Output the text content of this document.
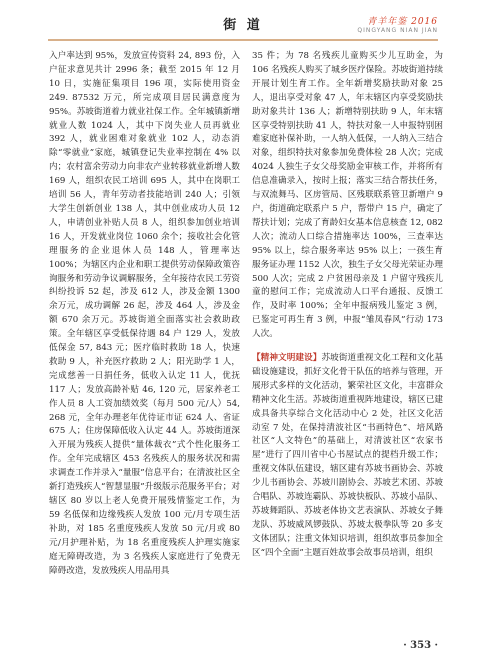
街 道	青羊年鉴 2016
QINGYANG NIAN JIAN

入户率达到 95%，发放宣传资料 24, 893 份，入户征求意见共计 2996 条；截至 2015 年 12 月 10 日，实施征集项目 196 项，实际使用资金 249. 87532 万元，所完成项目居民满意度为 95%。苏坡街道着力就业社保工作。全年城镇新增就业人数 1024 人，其中下岗失业人员再就业 392 人，就业困难对象就业 102 人，动态消除“零就业”家庭，城镇登记失业率控制在 4% 以内；农村富余劳动力向非农产业转移就业新增人数 169 人，组织农民工培训 695 人，其中在岗职工培训 56 人，青年劳动者技能培训 240 人；引领大学生创新创业 138 人，其中创业成功人员 12 人，申请创业补贴人员 8 人，组织参加创业培训 16 人，开发就业岗位 1060 余个；接收社会化管理服务的企业退休人员 148 人，管理率达 100%；为辖区内企业和职工提供劳动保障政策咨询服务和劳动争议调解服务，全年接待农民工劳资纠纷投诉 52 起，涉及 612 人，涉及金额 1300 余万元，成功调解 26 起，涉及 464 人，涉及金额 670 余万元。苏坡街道全面落实社会救助政策。全年辖区享受低保待遇 84 户 129 人，发放低保金 57, 843 元；医疗临时救助 18 人，快速救助 9 人，补充医疗救助 2 人；阳光助学 1 人，完成慈善一日捐任务，低收入认定 11 人，优抚 117 人；发放高龄补贴 46, 120 元，居家养老工作人员 8 人工资加绩效奖（每月 500 元/人）54, 268 元，全年办理老年优待证市证 624 人、省证 675 人；住房保障低收入认定 44 人。苏坡街道深入开展为残疾人提供“量体裁衣”式个性化服务工作。全年完成辖区 453 名残疾人的服务状况和需求调查工作并录入“量服”信息平台；在清波社区全新打造残疾人“智慧显服”升级版示范服务平台；对辖区 80 岁以上老人免费开展残情鉴定工作，为 59 名低保和边缘残疾人发放 100 元/月专项生活补助，对 185 名重度残疾人发放 50 元/月或 80 元/月护理补贴，为 18 名重度残疾人护理实施家庭无障碍改造，为 3 名残疾人家庭进行了免费无障碍改造，发放残疾人用品用具

35 件；为 78 名残疾儿童购买少儿互助金，为 106 名残疾人购买了城乡医疗保险。苏坡街道持续开展计划生育工作。全年新增奖励扶助对象 25 人，退出享受对象 47 人，年末辖区内享受奖励扶助对象共计 136 人；新增特别扶助 9 人，年末辖区享受特别扶助 41 人，特扶对象一人申报特别困难家庭补保补助，一人纳入低保，一人纳入三结合对象，组织特扶对象参加免费体检 28 人次；完成 4024 人独生子女父母奖励金审核工作，并将所有信息准确录入，按时上报；落实三结合帮扶任务，与双流舞马、区房管局、区残联联系管卫新增户 9 户，街道确定联系户 5 户，帮带户 15 户，确定了帮扶计划；完成了育龄妇女基本信息核查 12, 082 人次；流动人口综合措施率达 100%，三查率达 95% 以上，综合服务率达 95% 以上；一孩生育服务证办理 1152 人次，独生子女父母光荣证办理 500 人次；完成 2 户贫困母亲及 1 户留守残疾儿童的慰问工作；完成流动人口平台通报、反馈工作，及时率 100%；全年申报病残儿鉴定 3 例，已鉴定可再生育 3 例，申报“雏凤春风”行动 173 人次。

【精神文明建设】苏坡街道重视文化工程和文化基础设施建设，抓好文化骨干队伍的培养与管理，开展形式多样的文化活动，繁荣社区文化，丰富群众精神文化生活。苏坡街道重视阵地建设，辖区已建成具备共享综合文化活动中心 2 处，社区文化活动室 7 处，在保持清波社区“书画特色”、培风路社区“人文特色”的基础上，对清波社区“农家书屋”进行了四川省中心书屋试点的提档升级工作；重视文体队伍建设，辖区建有苏坡书画协会、苏坡少儿书画协会、苏坡川剧协会、苏坡艺术团、苏坡合唱队、苏坡连霸队、苏坡快板队、苏坡小品队、苏坡舞蹈队、苏坡老体协文艺表演队、苏坡女子舞龙队、苏坡威风锣鼓队、苏坡太极拳队等 20 多支文体团队；注重文体知识培训，组织故事员参加全区“四个全面”主题百姓故事会故事员培训，组织

· 353 ·
